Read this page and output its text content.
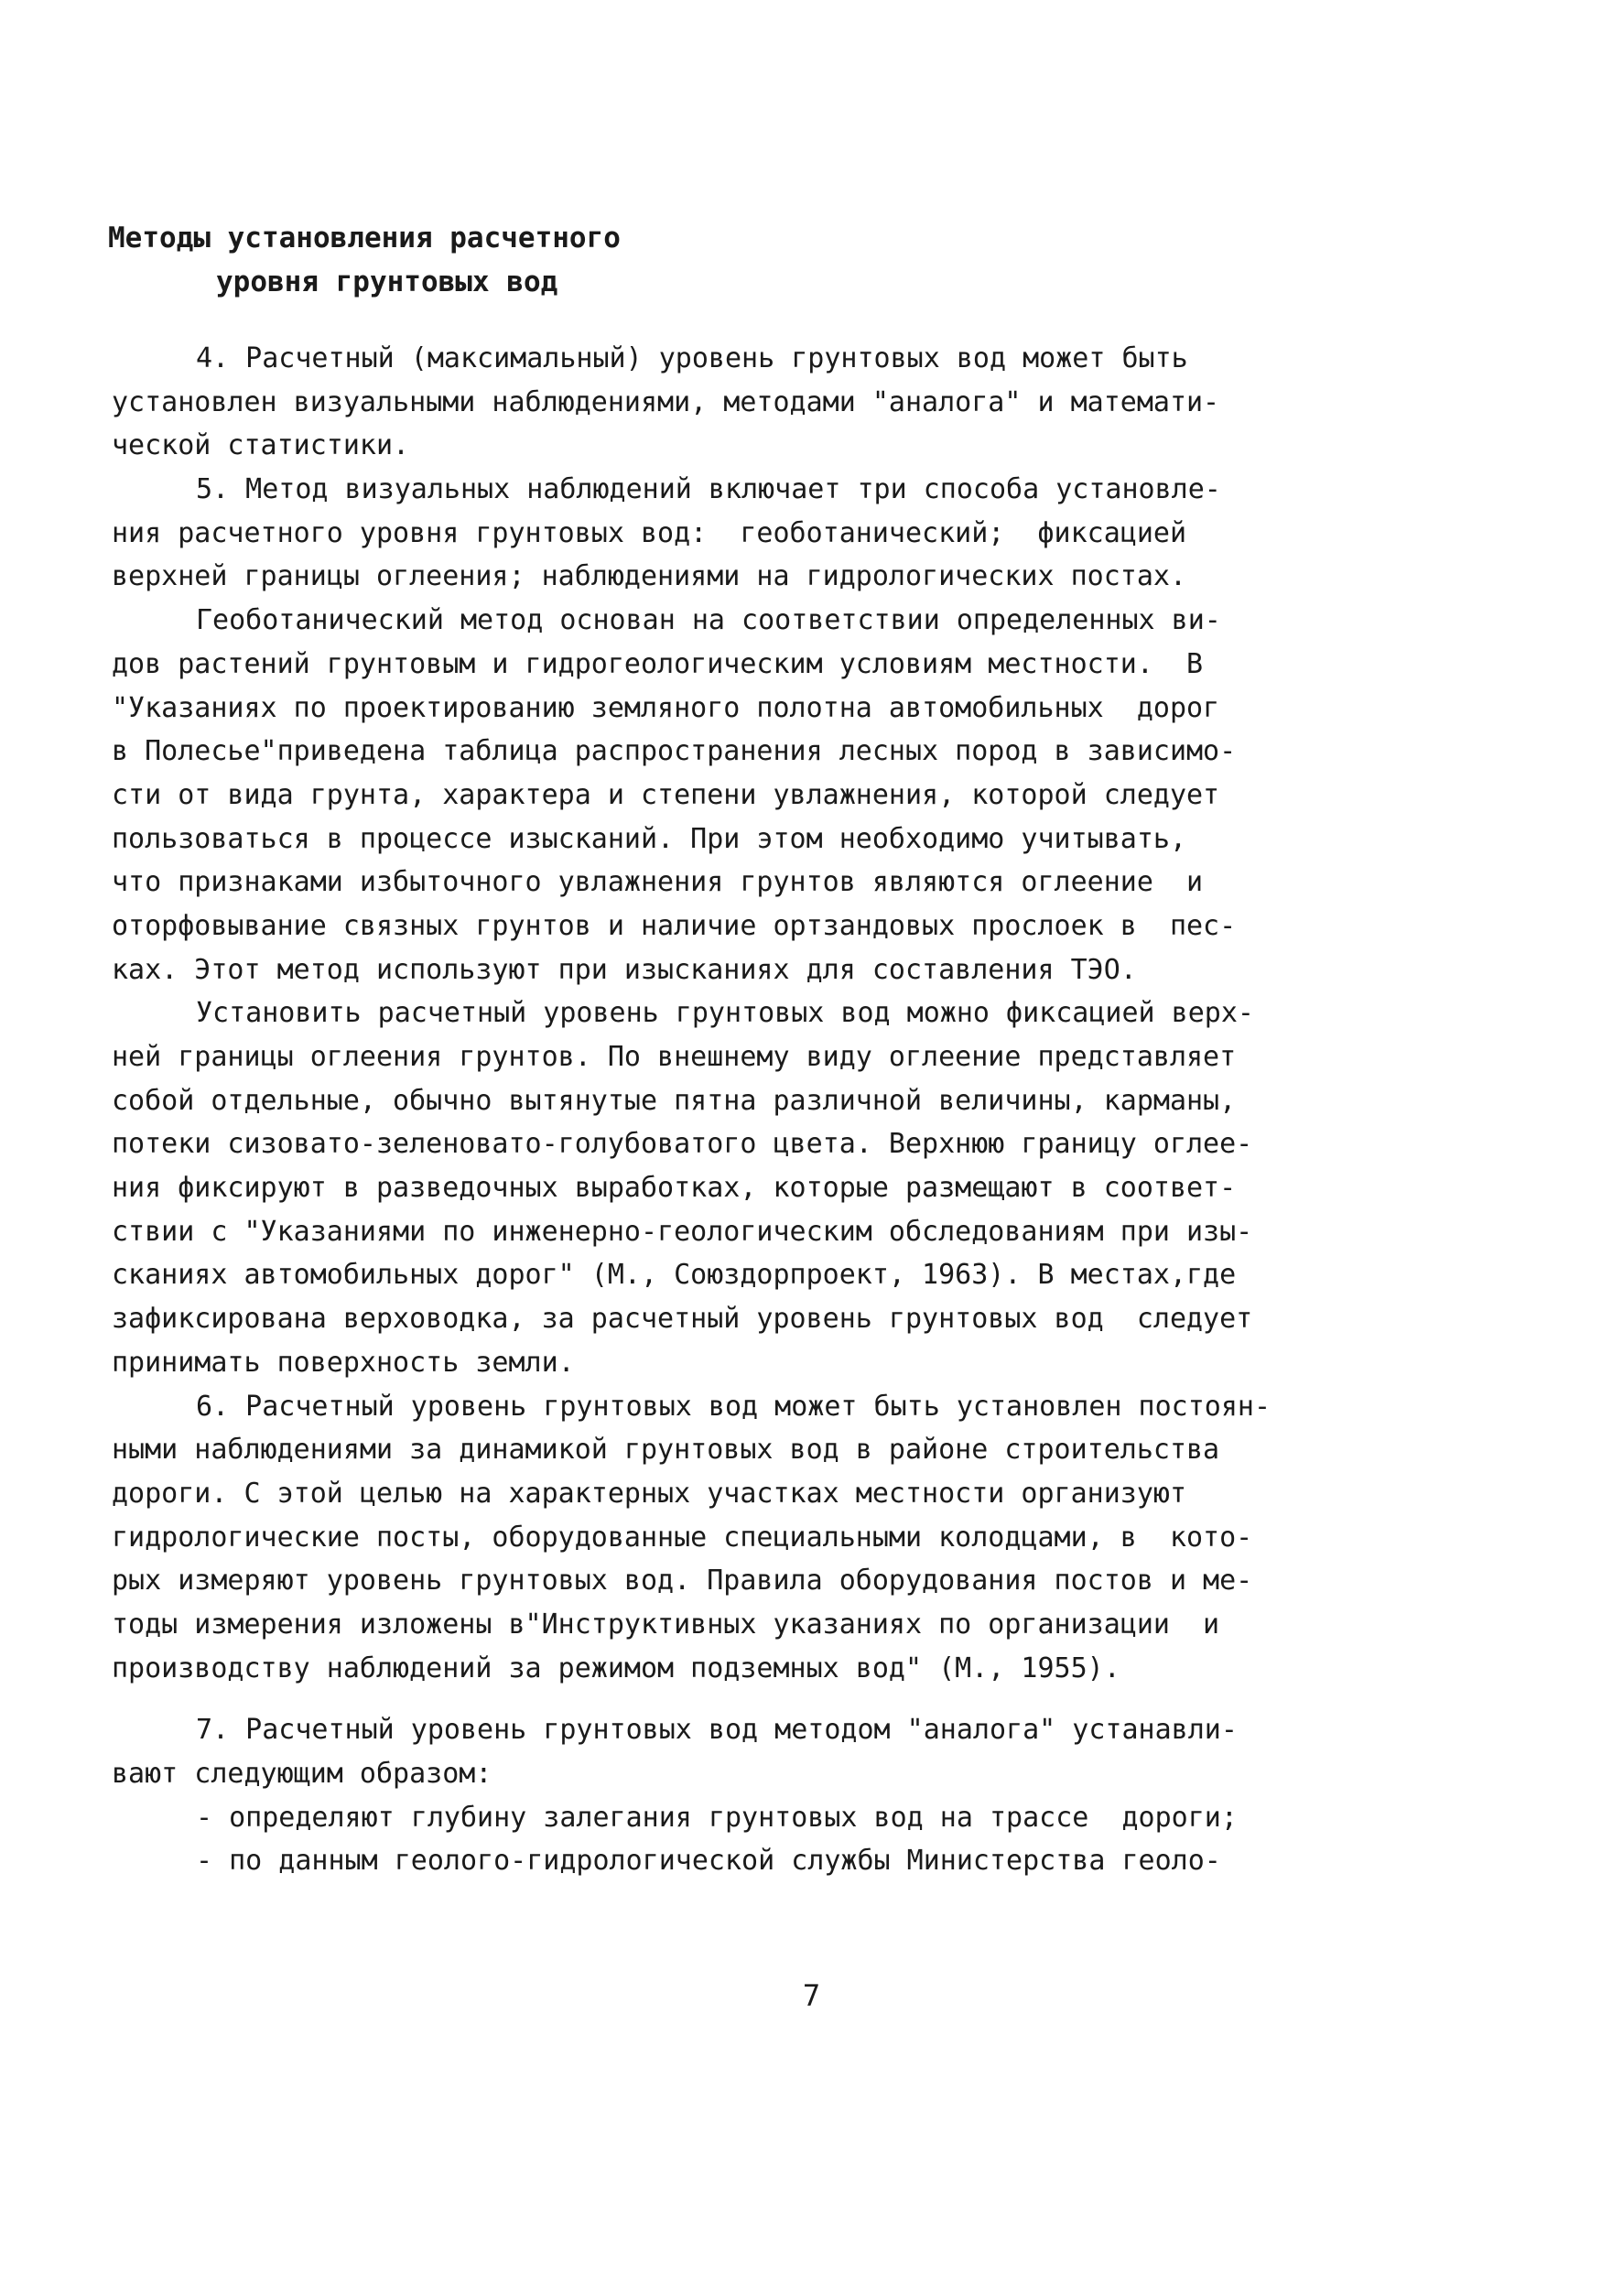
Методы установления расчетного
уровня грунтовых вод
4. Расчетный (максимальный) уровень грунтовых вод может быть
установлен визуальными наблюдениями, методами "аналога" и математи-
ческой статистики.
5. Метод визуальных наблюдений включает три способа установле-
ния расчетного уровня грунтовых вод:  геоботанический;  фиксацией
верхней границы оглеения; наблюдениями на гидрологических постах.
Геоботанический метод основан на соответствии определенных ви-
дов растений грунтовым и гидрогеологическим условиям местности.  В
"Указаниях по проектированию земляного полотна автомобильных  дорог
в Полесье"приведена таблица распространения лесных пород в зависимо-
сти от вида грунта, характера и степени увлажнения, которой следует
пользоваться в процессе изысканий. При этом необходимо учитывать,
что признаками избыточного увлажнения грунтов являются оглеение  и
оторфовывание связных грунтов и наличие ортзандовых прослоек в  пес-
ках. Этот метод используют при изысканиях для составления ТЭО.
Установить расчетный уровень грунтовых вод можно фиксацией верх-
ней границы оглеения грунтов. По внешнему виду оглеение представляет
собой отдельные, обычно вытянутые пятна различной величины, карманы,
потеки сизовато-зеленовато-голубоватого цвета. Верхнюю границу оглее-
ния фиксируют в разведочных выработках, которые размещают в соответ-
ствии с "Указаниями по инженерно-геологическим обследованиям при изы-
сканиях автомобильных дорог" (М., Союздорпроект, 1963). В местах,где
зафиксирована верховодка, за расчетный уровень грунтовых вод  следует
принимать поверхность земли.
6. Расчетный уровень грунтовых вод может быть установлен постоян-
ными наблюдениями за динамикой грунтовых вод в районе строительства
дороги. С этой целью на характерных участках местности организуют
гидрологические посты, оборудованные специальными колодцами, в  кото-
рых измеряют уровень грунтовых вод. Правила оборудования постов и ме-
тоды измерения изложены в"Инструктивных указаниях по организации  и
производству наблюдений за режимом подземных вод" (М., 1955).
7. Расчетный уровень грунтовых вод методом "аналога" устанавли-
вают следующим образом:
- определяют глубину залегания грунтовых вод на трассе  дороги;
- по данным геолого-гидрологической службы Министерства геоло-
7
